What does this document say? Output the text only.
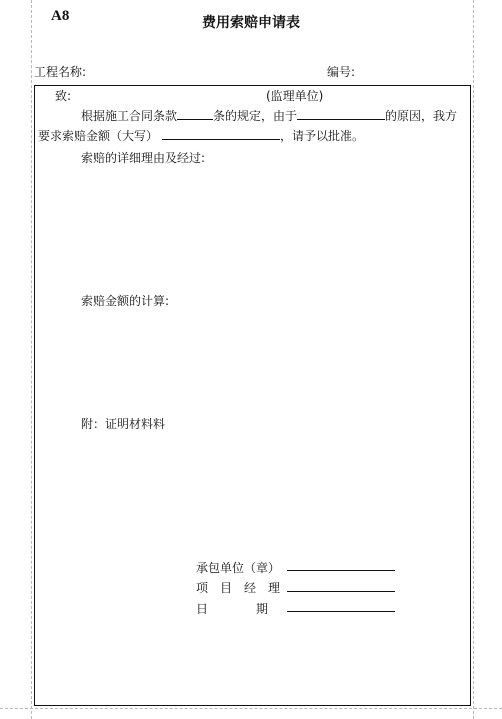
A8	费用索赔申请表
工程名称:	编号:
致:	(监理单位)
根据施工合同条款	条的规定，由于	的原因，我方
要求索赔金额（大写）	，请予以批准。
索赔的详细理由及经过:
索赔金额的计算:
附：证明材料料
承包单位（章）
项　目　经　理
日　　　　期
